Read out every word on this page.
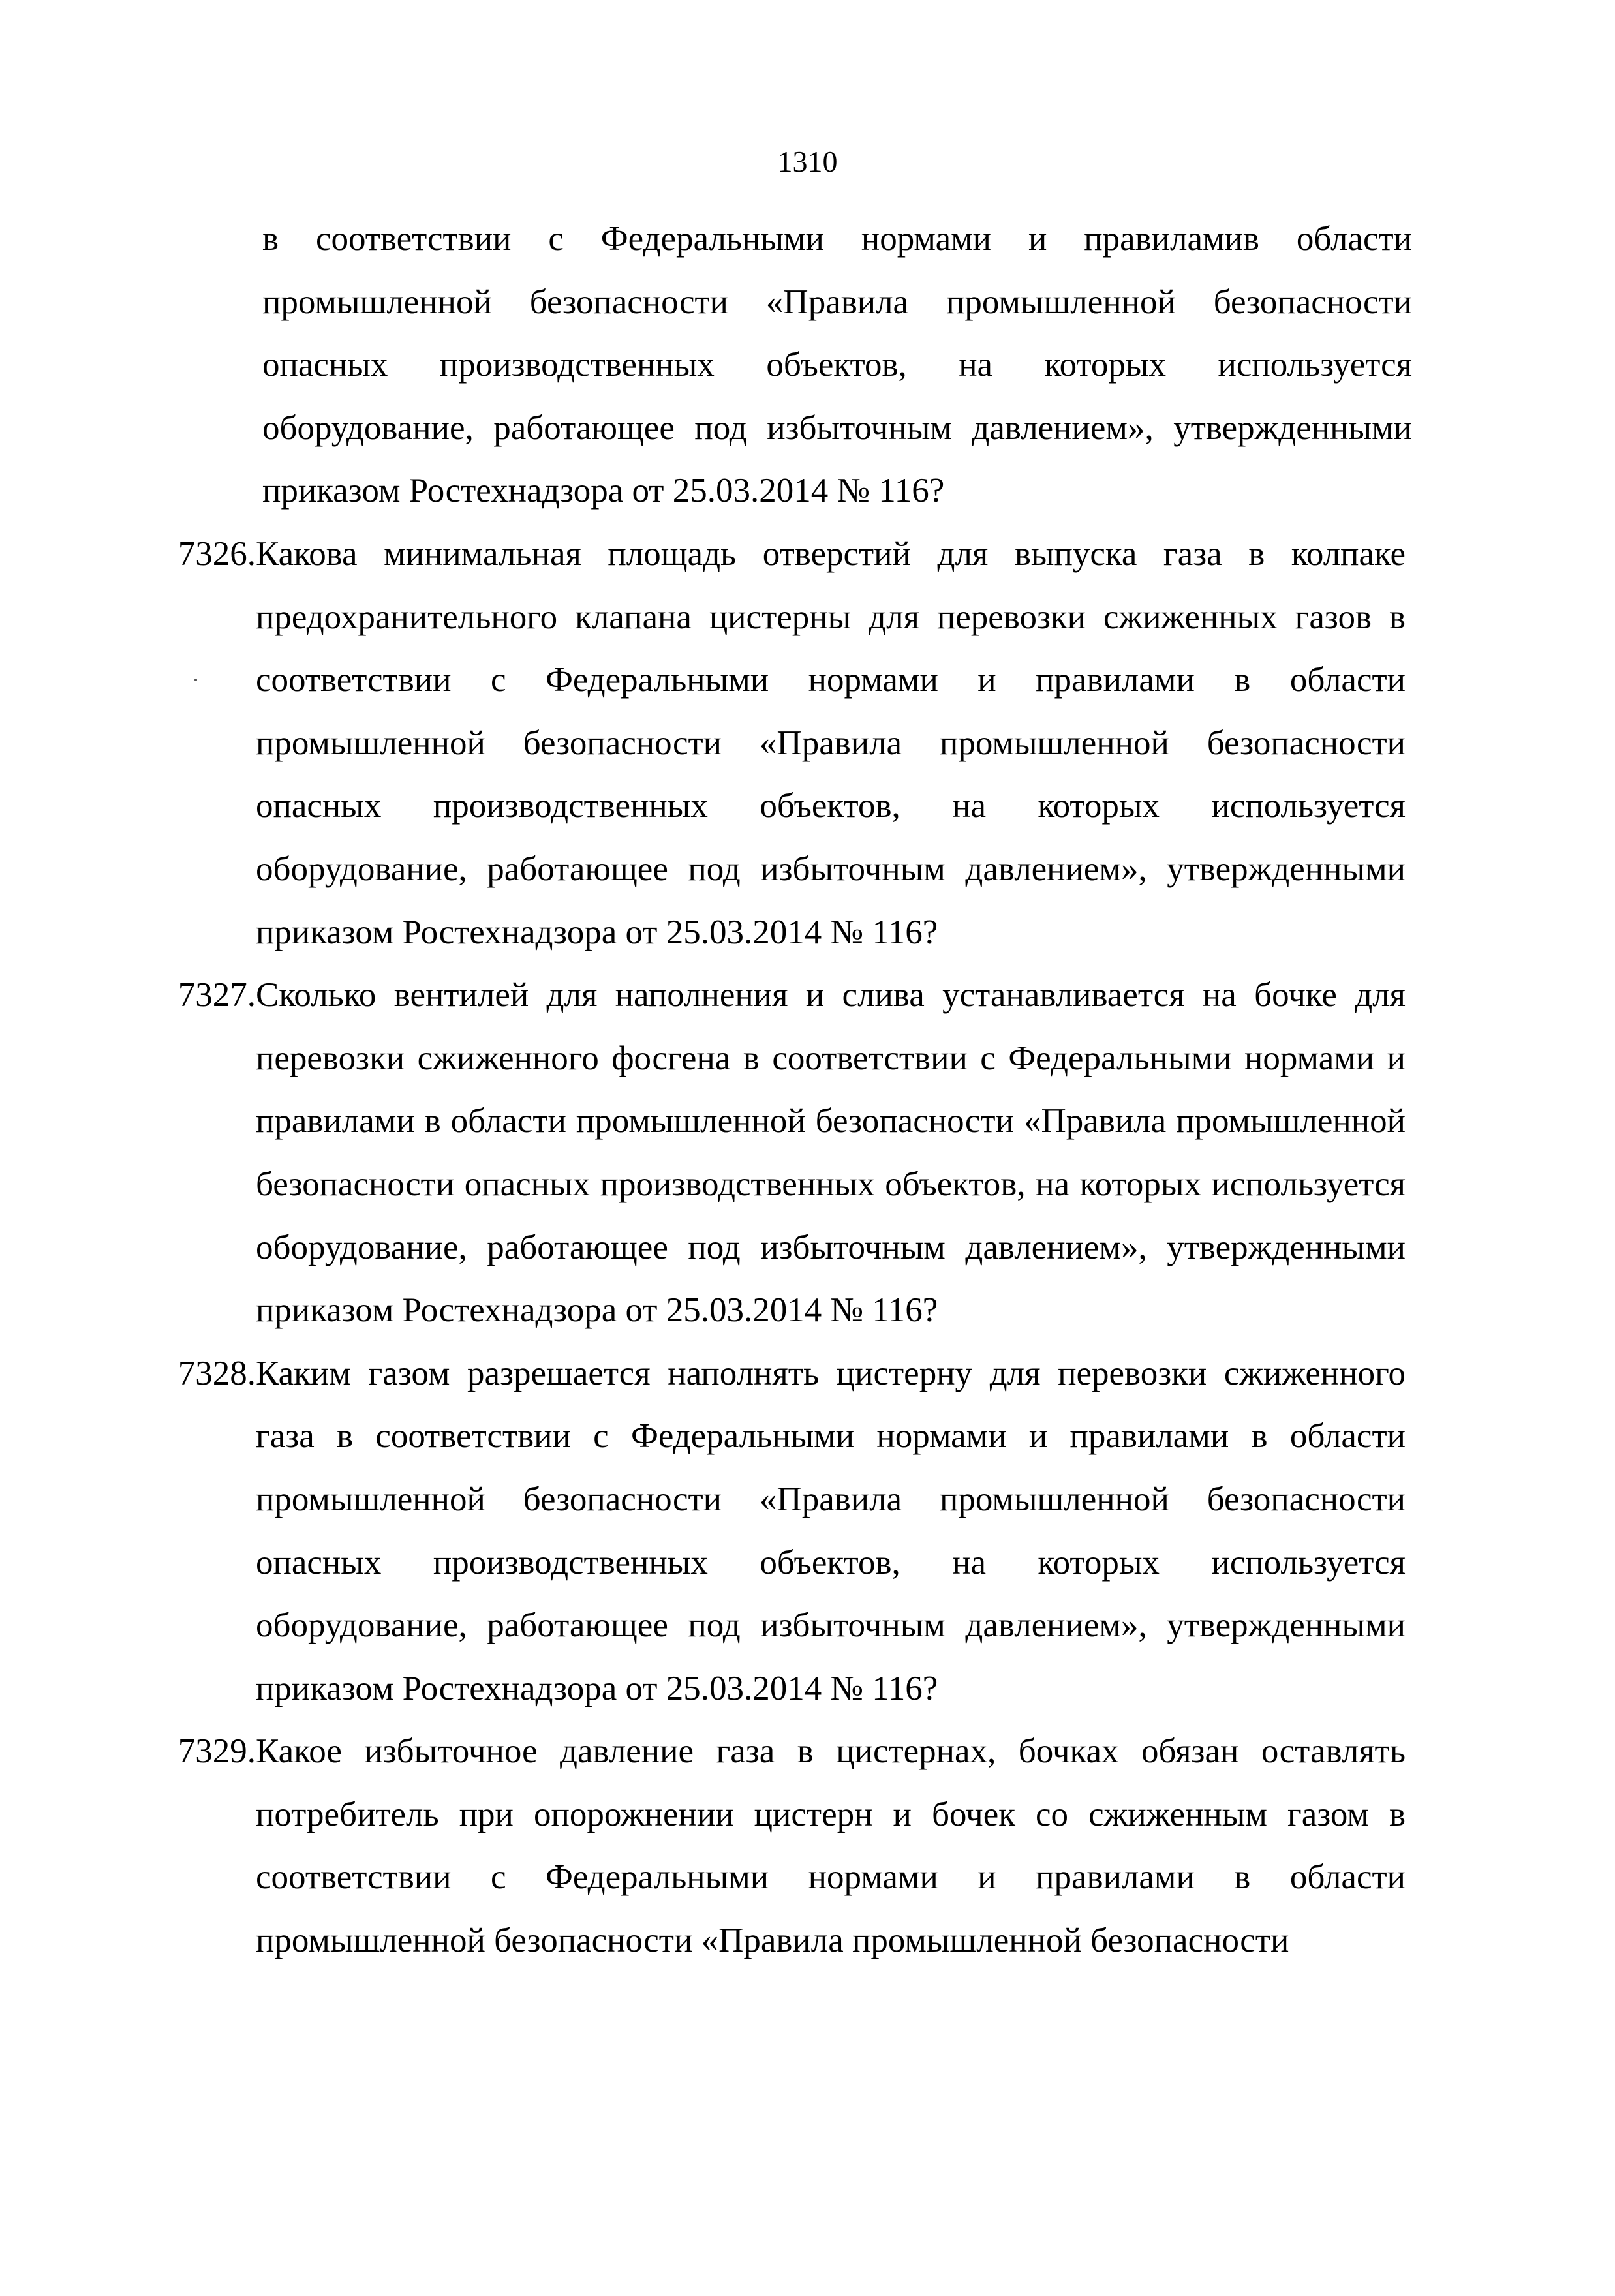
1310
в соответствии с Федеральными нормами и правиламив области промышленной безопасности «Правила промышленной безопасности опасных производственных объектов, на которых используется оборудование, работающее под избыточным давлением», утвержденными приказом Ростехнадзора от 25.03.2014 № 116?
7326. Какова минимальная площадь отверстий для выпуска газа в колпаке предохранительного клапана цистерны для перевозки сжиженных газов в соответствии с Федеральными нормами и правилами в области промышленной безопасности «Правила промышленной безопасности опасных производственных объектов, на которых используется оборудование, работающее под избыточным давлением», утвержденными приказом Ростехнадзора от 25.03.2014 № 116?
7327. Сколько вентилей для наполнения и слива устанавливается на бочке для перевозки сжиженного фосгена в соответствии с Федеральными нормами и правилами в области промышленной безопасности «Правила промышленной безопасности опасных производственных объектов, на которых используется оборудование, работающее под избыточным давлением», утвержденными приказом Ростехнадзора от 25.03.2014 № 116?
7328. Каким газом разрешается наполнять цистерну для перевозки сжиженного газа в соответствии с Федеральными нормами и правилами в области промышленной безопасности «Правила промышленной безопасности опасных производственных объектов, на которых используется оборудование, работающее под избыточным давлением», утвержденными приказом Ростехнадзора от 25.03.2014 № 116?
7329. Какое избыточное давление газа в цистернах, бочках обязан оставлять потребитель при опорожнении цистерн и бочек со сжиженным газом в соответствии с Федеральными нормами и правилами в области промышленной безопасности «Правила промышленной безопасности
